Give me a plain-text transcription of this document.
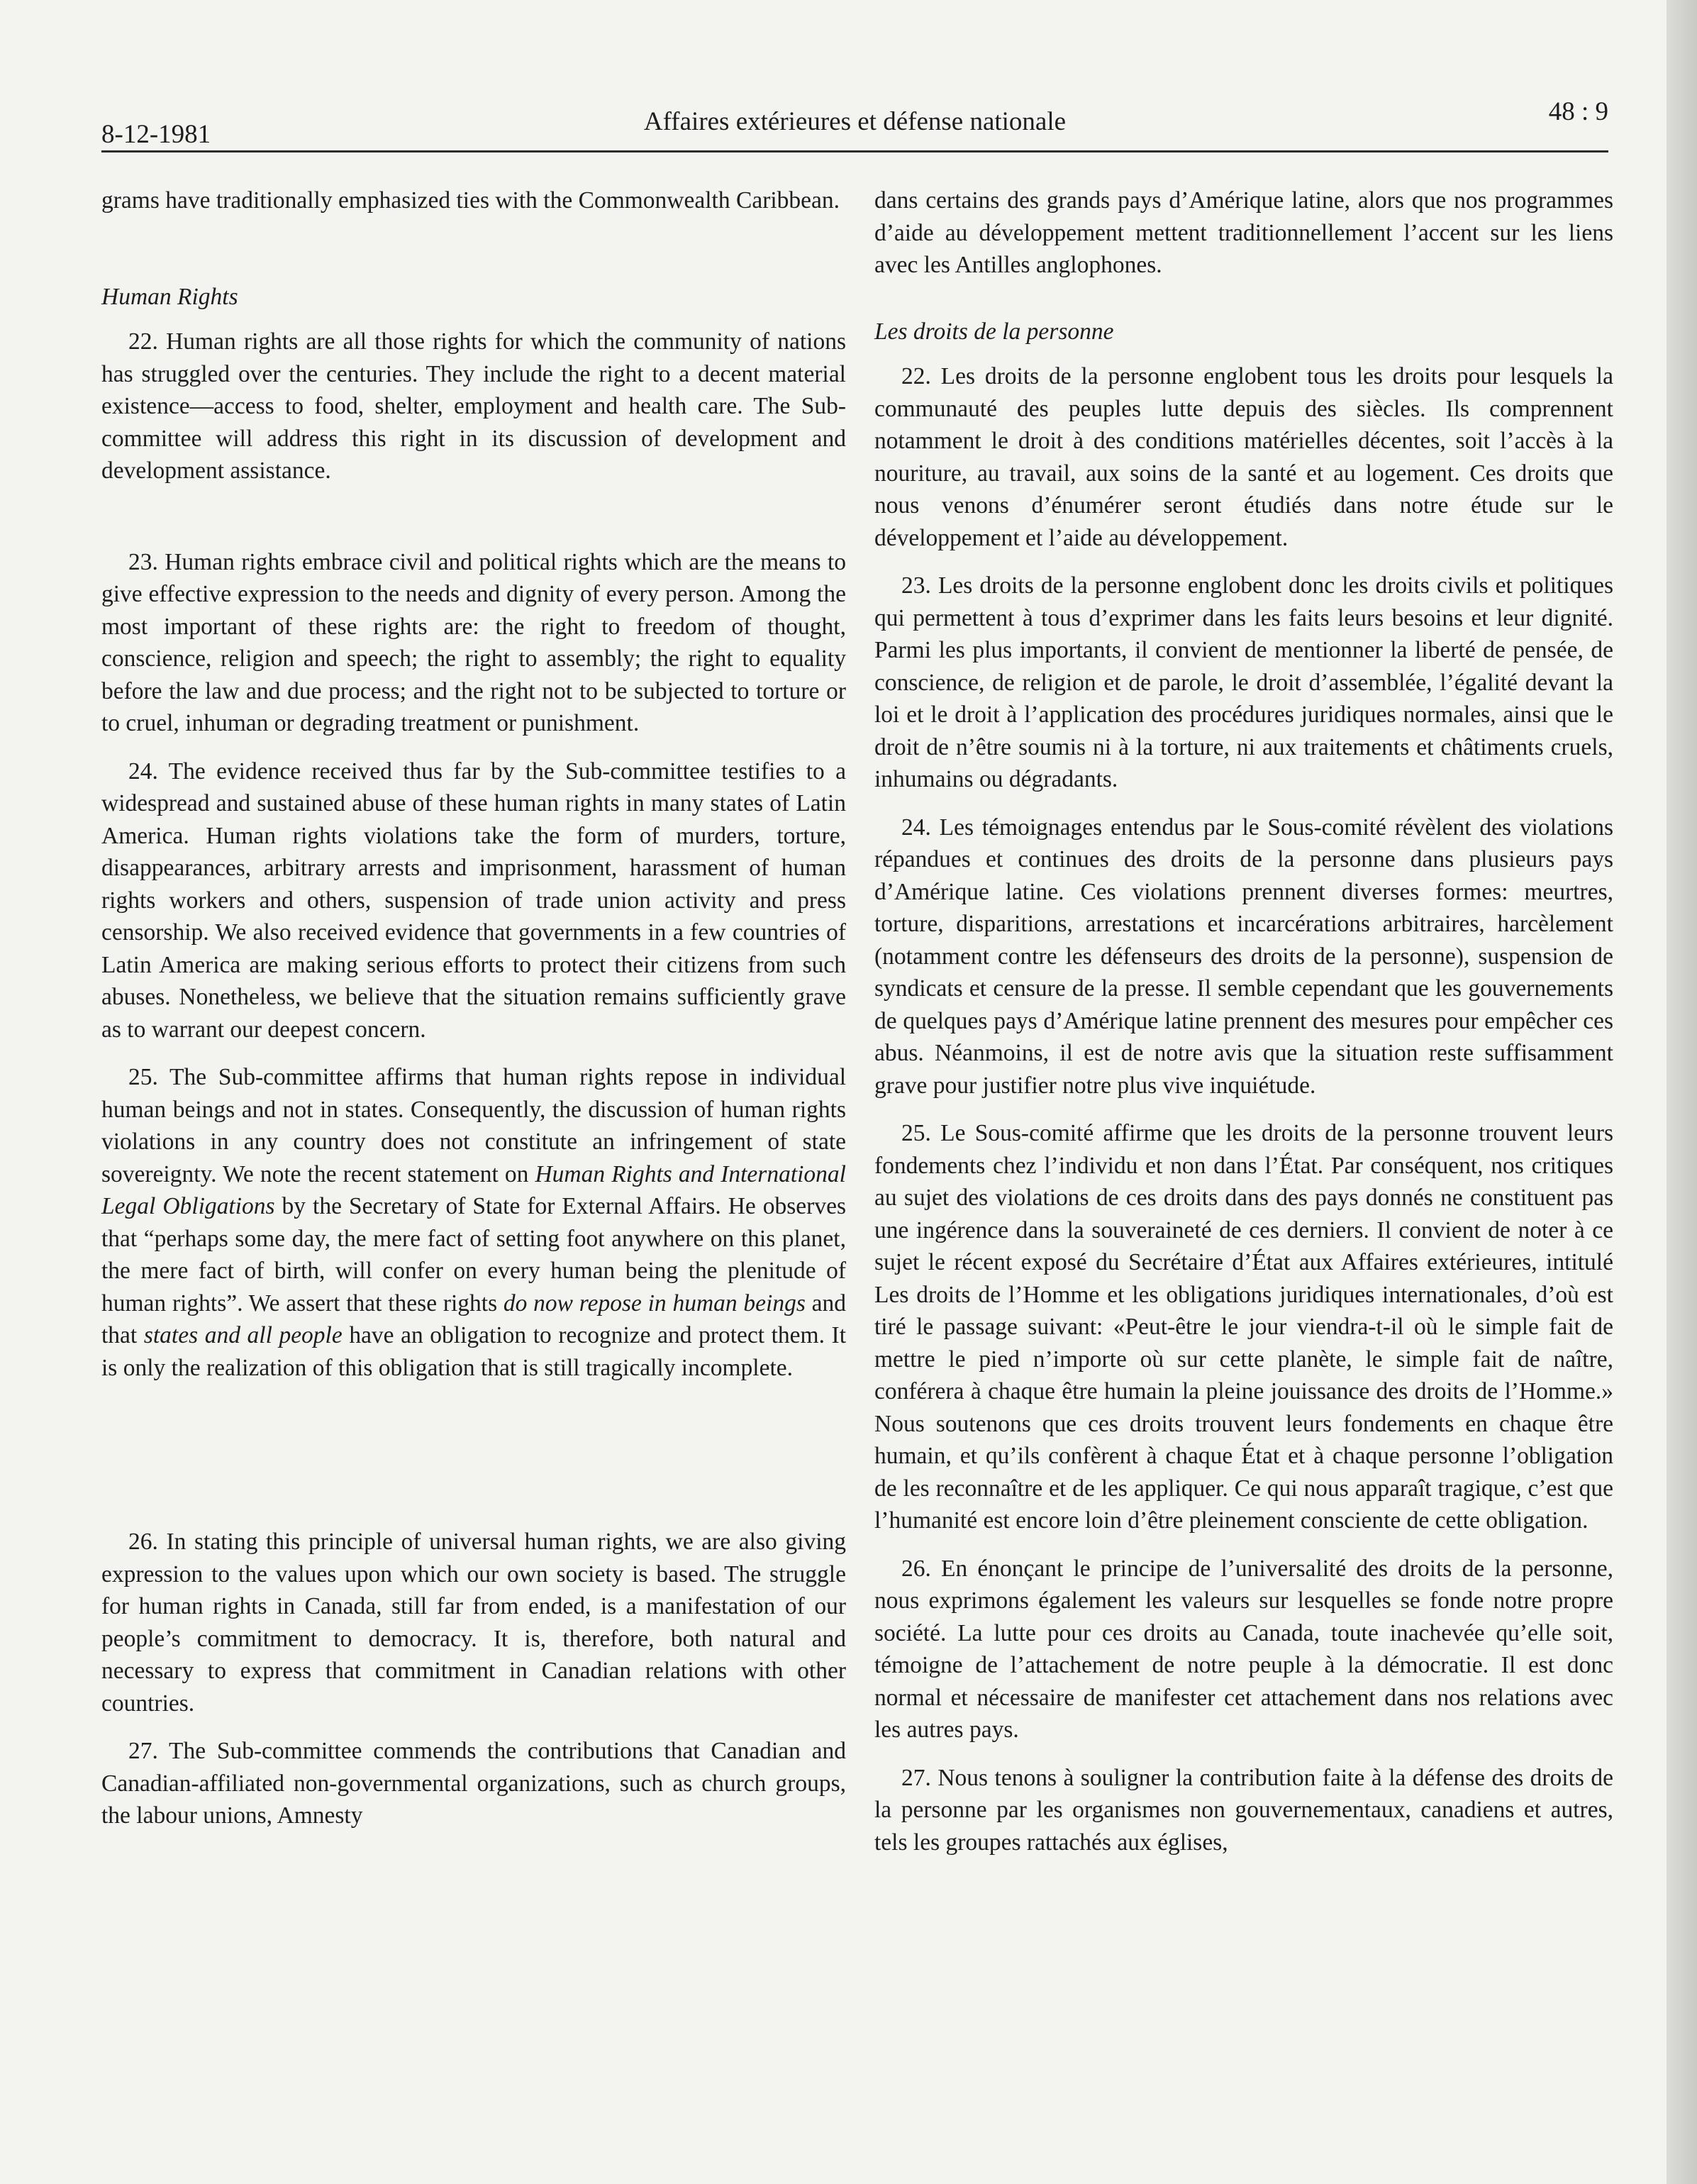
8-12-1981	Affaires extérieures et défense nationale	48 : 9

grams have traditionally emphasized ties with the Commonwealth Caribbean.

Human Rights

22. Human rights are all those rights for which the community of nations has struggled over the centuries. They include the right to a decent material existence—access to food, shelter, employment and health care. The Sub-committee will address this right in its discussion of development and development assistance.

23. Human rights embrace civil and political rights which are the means to give effective expression to the needs and dignity of every person. Among the most important of these rights are: the right to freedom of thought, conscience, religion and speech; the right to assembly; the right to equality before the law and due process; and the right not to be subjected to torture or to cruel, inhuman or degrading treatment or punishment.

24. The evidence received thus far by the Sub-committee testifies to a widespread and sustained abuse of these human rights in many states of Latin America. Human rights violations take the form of murders, torture, disappearances, arbitrary arrests and imprisonment, harassment of human rights workers and others, suspension of trade union activity and press censorship. We also received evidence that governments in a few countries of Latin America are making serious efforts to protect their citizens from such abuses. Nonetheless, we believe that the situation remains sufficiently grave as to warrant our deepest concern.

25. The Sub-committee affirms that human rights repose in individual human beings and not in states. Consequently, the discussion of human rights violations in any country does not constitute an infringement of state sovereignty. We note the recent statement on Human Rights and International Legal Obligations by the Secretary of State for External Affairs. He observes that “perhaps some day, the mere fact of setting foot anywhere on this planet, the mere fact of birth, will confer on every human being the plenitude of human rights”. We assert that these rights do now repose in human beings and that states and all people have an obligation to recognize and protect them. It is only the realization of this obligation that is still tragically incomplete.

26. In stating this principle of universal human rights, we are also giving expression to the values upon which our own society is based. The struggle for human rights in Canada, still far from ended, is a manifestation of our people’s commitment to democracy. It is, therefore, both natural and necessary to express that commitment in Canadian relations with other countries.

27. The Sub-committee commends the contributions that Canadian and Canadian-affiliated non-governmental organizations, such as church groups, the labour unions, Amnesty

dans certains des grands pays d’Amérique latine, alors que nos programmes d’aide au développement mettent traditionnellement l’accent sur les liens avec les Antilles anglophones.

Les droits de la personne

22. Les droits de la personne englobent tous les droits pour lesquels la communauté des peuples lutte depuis des siècles. Ils comprennent notamment le droit à des conditions matérielles décentes, soit l’accès à la nouriture, au travail, aux soins de la santé et au logement. Ces droits que nous venons d’énumérer seront étudiés dans notre étude sur le développement et l’aide au développement.

23. Les droits de la personne englobent donc les droits civils et politiques qui permettent à tous d’exprimer dans les faits leurs besoins et leur dignité. Parmi les plus importants, il convient de mentionner la liberté de pensée, de conscience, de religion et de parole, le droit d’assemblée, l’égalité devant la loi et le droit à l’application des procédures juridiques normales, ainsi que le droit de n’être soumis ni à la torture, ni aux traitements et châtiments cruels, inhumains ou dégradants.

24. Les témoignages entendus par le Sous-comité révèlent des violations répandues et continues des droits de la personne dans plusieurs pays d’Amérique latine. Ces violations prennent diverses formes: meurtres, torture, disparitions, arrestations et incarcérations arbitraires, harcèlement (notamment contre les défenseurs des droits de la personne), suspension de syndicats et censure de la presse. Il semble cependant que les gouvernements de quelques pays d’Amérique latine prennent des mesures pour empêcher ces abus. Néanmoins, il est de notre avis que la situation reste suffisamment grave pour justifier notre plus vive inquiétude.

25. Le Sous-comité affirme que les droits de la personne trouvent leurs fondements chez l’individu et non dans l’État. Par conséquent, nos critiques au sujet des violations de ces droits dans des pays donnés ne constituent pas une ingérence dans la souveraineté de ces derniers. Il convient de noter à ce sujet le récent exposé du Secrétaire d’État aux Affaires extérieures, intitulé Les droits de l’Homme et les obligations juridiques internationales, d’où est tiré le passage suivant: «Peut-être le jour viendra-t-il où le simple fait de mettre le pied n’importe où sur cette planète, le simple fait de naître, conférera à chaque être humain la pleine jouissance des droits de l’Homme.» Nous soutenons que ces droits trouvent leurs fondements en chaque être humain, et qu’ils confèrent à chaque État et à chaque personne l’obligation de les reconnaître et de les appliquer. Ce qui nous apparaît tragique, c’est que l’humanité est encore loin d’être pleinement consciente de cette obligation.

26. En énonçant le principe de l’universalité des droits de la personne, nous exprimons également les valeurs sur lesquelles se fonde notre propre société. La lutte pour ces droits au Canada, toute inachevée qu’elle soit, témoigne de l’attachement de notre peuple à la démocratie. Il est donc normal et nécessaire de manifester cet attachement dans nos relations avec les autres pays.

27. Nous tenons à souligner la contribution faite à la défense des droits de la personne par les organismes non gouvernementaux, canadiens et autres, tels les groupes rattachés aux églises,
